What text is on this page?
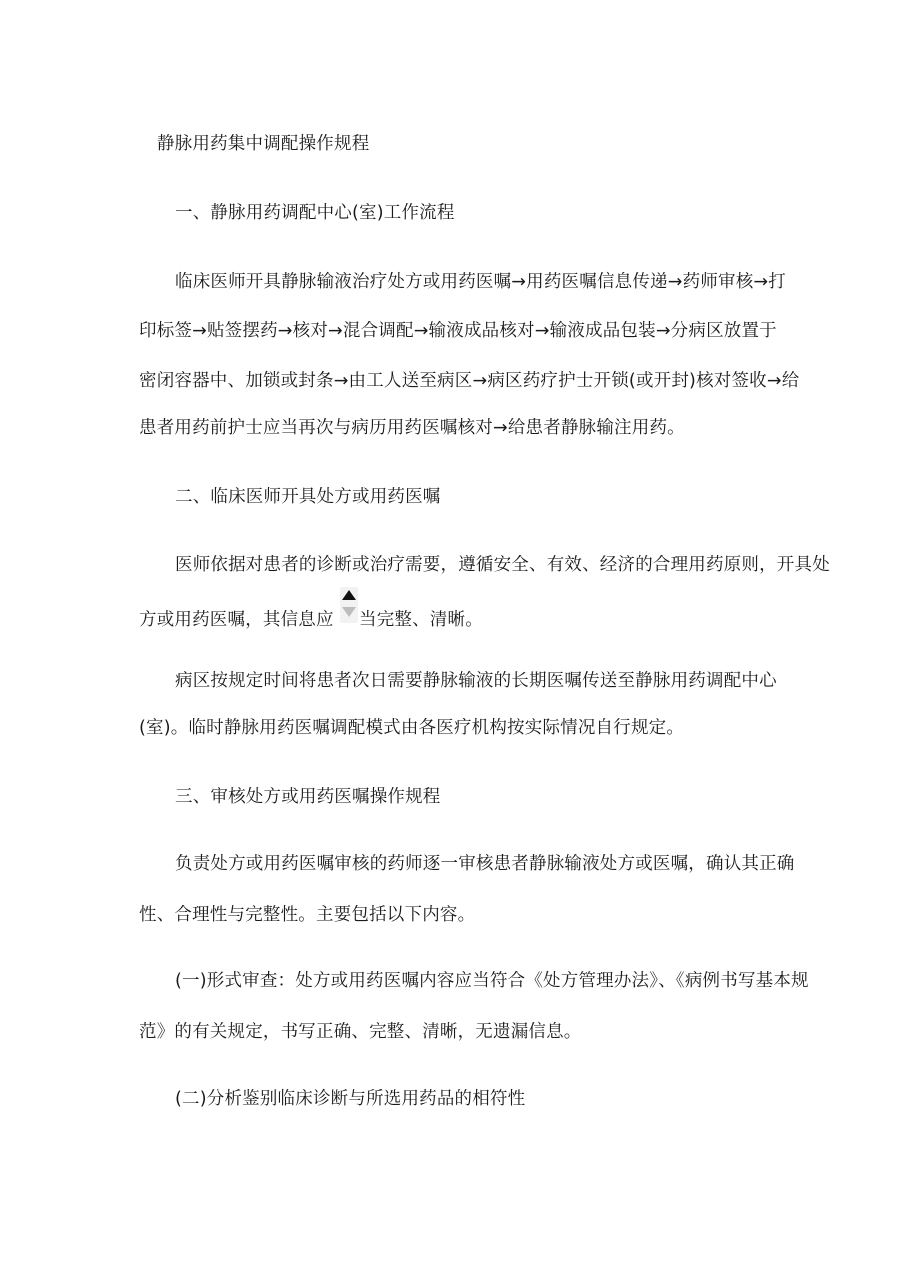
静脉用药集中调配操作规程
一、静脉用药调配中心(室)工作流程
临床医师开具静脉输液治疗处方或用药医嘱→用药医嘱信息传递→药师审核→打
印标签→贴签摆药→核对→混合调配→输液成品核对→输液成品包装→分病区放置于
密闭容器中、加锁或封条→由工人送至病区→病区药疗护士开锁(或开封)核对签收→给
患者用药前护士应当再次与病历用药医嘱核对→给患者静脉输注用药。
二、临床医师开具处方或用药医嘱
医师依据对患者的诊断或治疗需要，遵循安全、有效、经济的合理用药原则，开具处
方或用药医嘱，其信息应 当完整、清晰。
病区按规定时间将患者次日需要静脉输液的长期医嘱传送至静脉用药调配中心
(室)。临时静脉用药医嘱调配模式由各医疗机构按实际情况自行规定。
三、审核处方或用药医嘱操作规程
负责处方或用药医嘱审核的药师逐一审核患者静脉输液处方或医嘱，确认其正确
性、合理性与完整性。主要包括以下内容。
(一)形式审查：处方或用药医嘱内容应当符合《处方管理办法》、《病例书写基本规
范》的有关规定，书写正确、完整、清晰，无遗漏信息。
(二)分析鉴别临床诊断与所选用药品的相符性
